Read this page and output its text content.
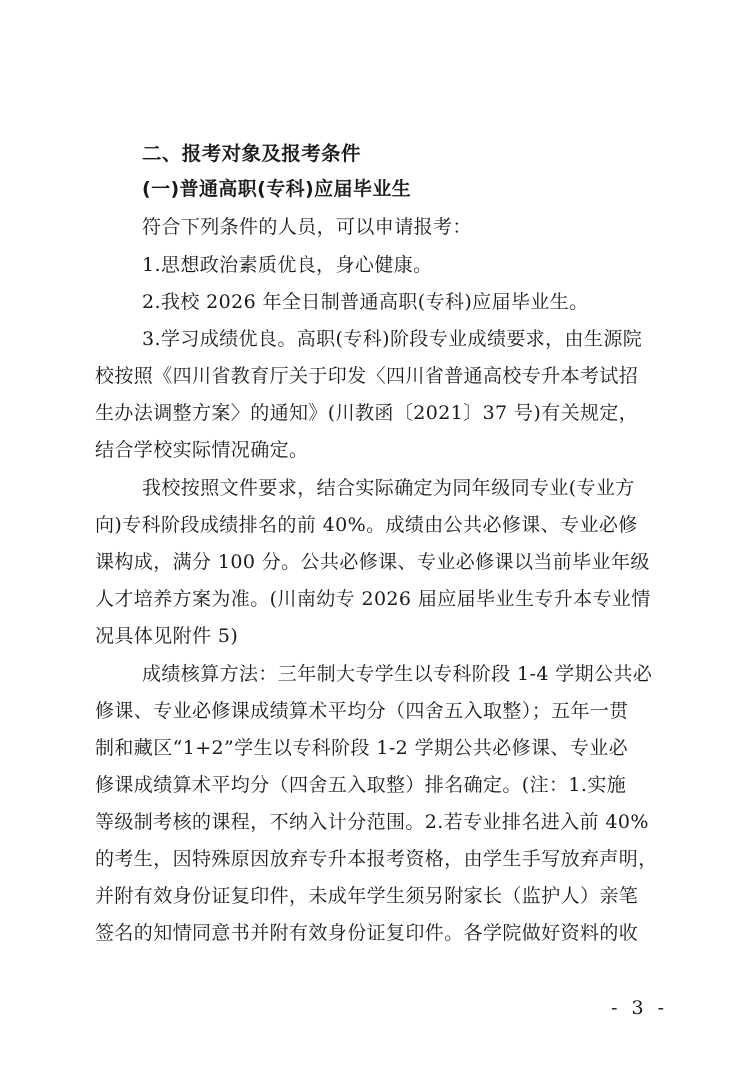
二、报考对象及报考条件
(一)普通高职(专科)应届毕业生
符合下列条件的人员，可以申请报考：
1.思想政治素质优良，身心健康。
2.我校 2026 年全日制普通高职(专科)应届毕业生。
3.学习成绩优良。高职(专科)阶段专业成绩要求，由生源院
校按照《四川省教育厅关于印发〈四川省普通高校专升本考试招
生办法调整方案〉的通知》(川教函〔2021〕37 号)有关规定，
结合学校实际情况确定。
我校按照文件要求，结合实际确定为同年级同专业(专业方
向)专科阶段成绩排名的前 40%。成绩由公共必修课、专业必修
课构成，满分 100 分。公共必修课、专业必修课以当前毕业年级
人才培养方案为准。(川南幼专 2026 届应届毕业生专升本专业情
况具体见附件 5)
成绩核算方法：三年制大专学生以专科阶段 1-4 学期公共必
修课、专业必修课成绩算术平均分（四舍五入取整）；五年一贯
制和藏区“1+2”学生以专科阶段 1-2 学期公共必修课、专业必
修课成绩算术平均分（四舍五入取整）排名确定。(注：1.实施
等级制考核的课程，不纳入计分范围。2.若专业排名进入前 40%
的考生，因特殊原因放弃专升本报考资格，由学生手写放弃声明，
并附有效身份证复印件，未成年学生须另附家长（监护人）亲笔
签名的知情同意书并附有效身份证复印件。各学院做好资料的收
- 3 -
